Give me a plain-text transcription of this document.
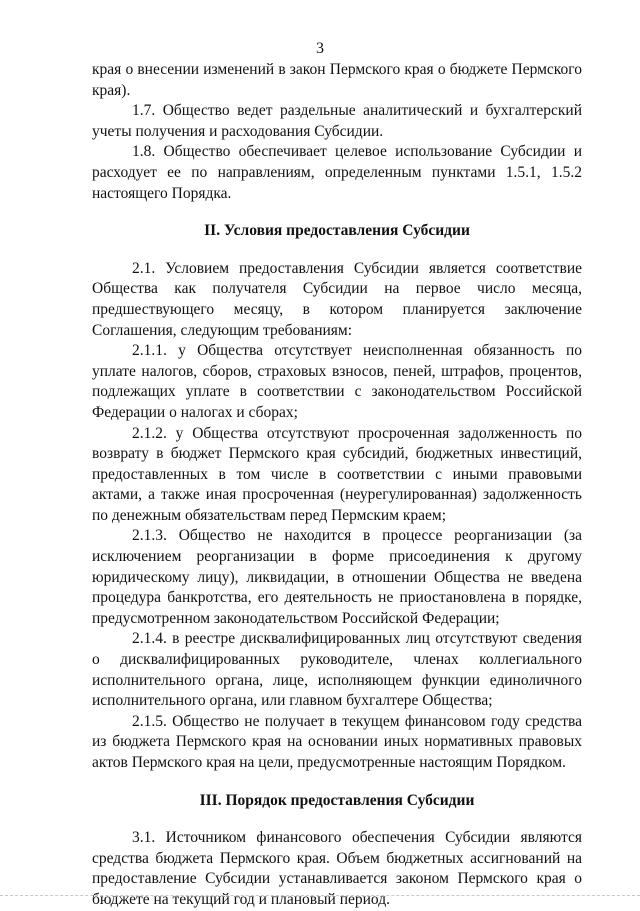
3

края о внесении изменений в закон Пермского края о бюджете Пермского края).

1.7. Общество ведет раздельные аналитический и бухгалтерский учеты получения и расходования Субсидии.

1.8. Общество обеспечивает целевое использование Субсидии и расходует ее по направлениям, определенным пунктами 1.5.1, 1.5.2 настоящего Порядка.

II. Условия предоставления Субсидии

2.1. Условием предоставления Субсидии является соответствие Общества как получателя Субсидии на первое число месяца, предшествующего месяцу, в котором планируется заключение Соглашения, следующим требованиям:

2.1.1. у Общества отсутствует неисполненная обязанность по уплате налогов, сборов, страховых взносов, пеней, штрафов, процентов, подлежащих уплате в соответствии с законодательством Российской Федерации о налогах и сборах;

2.1.2. у Общества отсутствуют просроченная задолженность по возврату в бюджет Пермского края субсидий, бюджетных инвестиций, предоставленных в том числе в соответствии с иными правовыми актами, а также иная просроченная (неурегулированная) задолженность по денежным обязательствам перед Пермским краем;

2.1.3. Общество не находится в процессе реорганизации (за исключением реорганизации в форме присоединения к другому юридическому лицу), ликвидации, в отношении Общества не введена процедура банкротства, его деятельность не приостановлена в порядке, предусмотренном законодательством Российской Федерации;

2.1.4. в реестре дисквалифицированных лиц отсутствуют сведения о дисквалифицированных руководителе, членах коллегиального исполнительного органа, лице, исполняющем функции единоличного исполнительного органа, или главном бухгалтере Общества;

2.1.5. Общество не получает в текущем финансовом году средства из бюджета Пермского края на основании иных нормативных правовых актов Пермского края на цели, предусмотренные настоящим Порядком.

III. Порядок предоставления Субсидии

3.1. Источником финансового обеспечения Субсидии являются средства бюджета Пермского края. Объем бюджетных ассигнований на предоставление Субсидии устанавливается законом Пермского края о бюджете на текущий год и плановый период.
